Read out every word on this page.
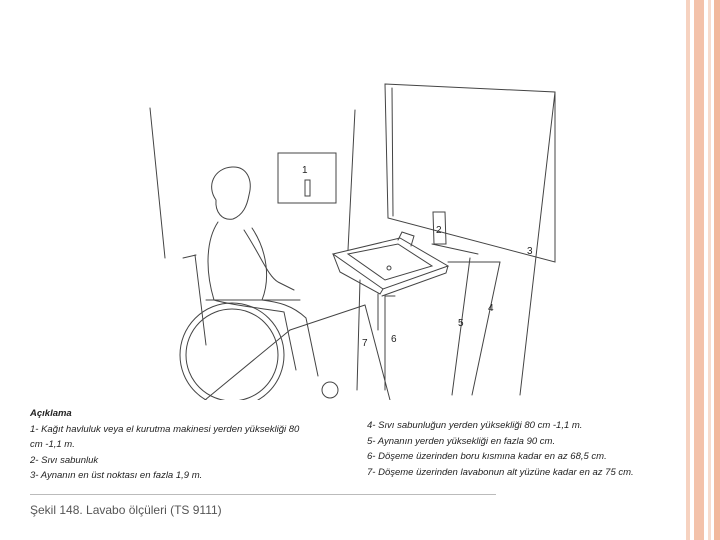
1
2
3
4
5
6
7
Açıklama
1- Kağıt havluluk veya el kurutma makinesi yerden yüksekliği 80
cm -1,1 m.
2- Sıvı sabunluk
3- Aynanın en üst noktası en fazla 1,9 m.
4- Sıvı sabunluğun yerden yüksekliği 80 cm -1,1 m.
5- Aynanın yerden yüksekliği en fazla 90 cm.
6- Döşeme üzerinden boru kısmına kadar en az 68,5 cm.
7- Döşeme üzerinden lavabonun alt yüzüne kadar en az 75 cm.
Şekil 148. Lavabo ölçüleri (TS 9111)
